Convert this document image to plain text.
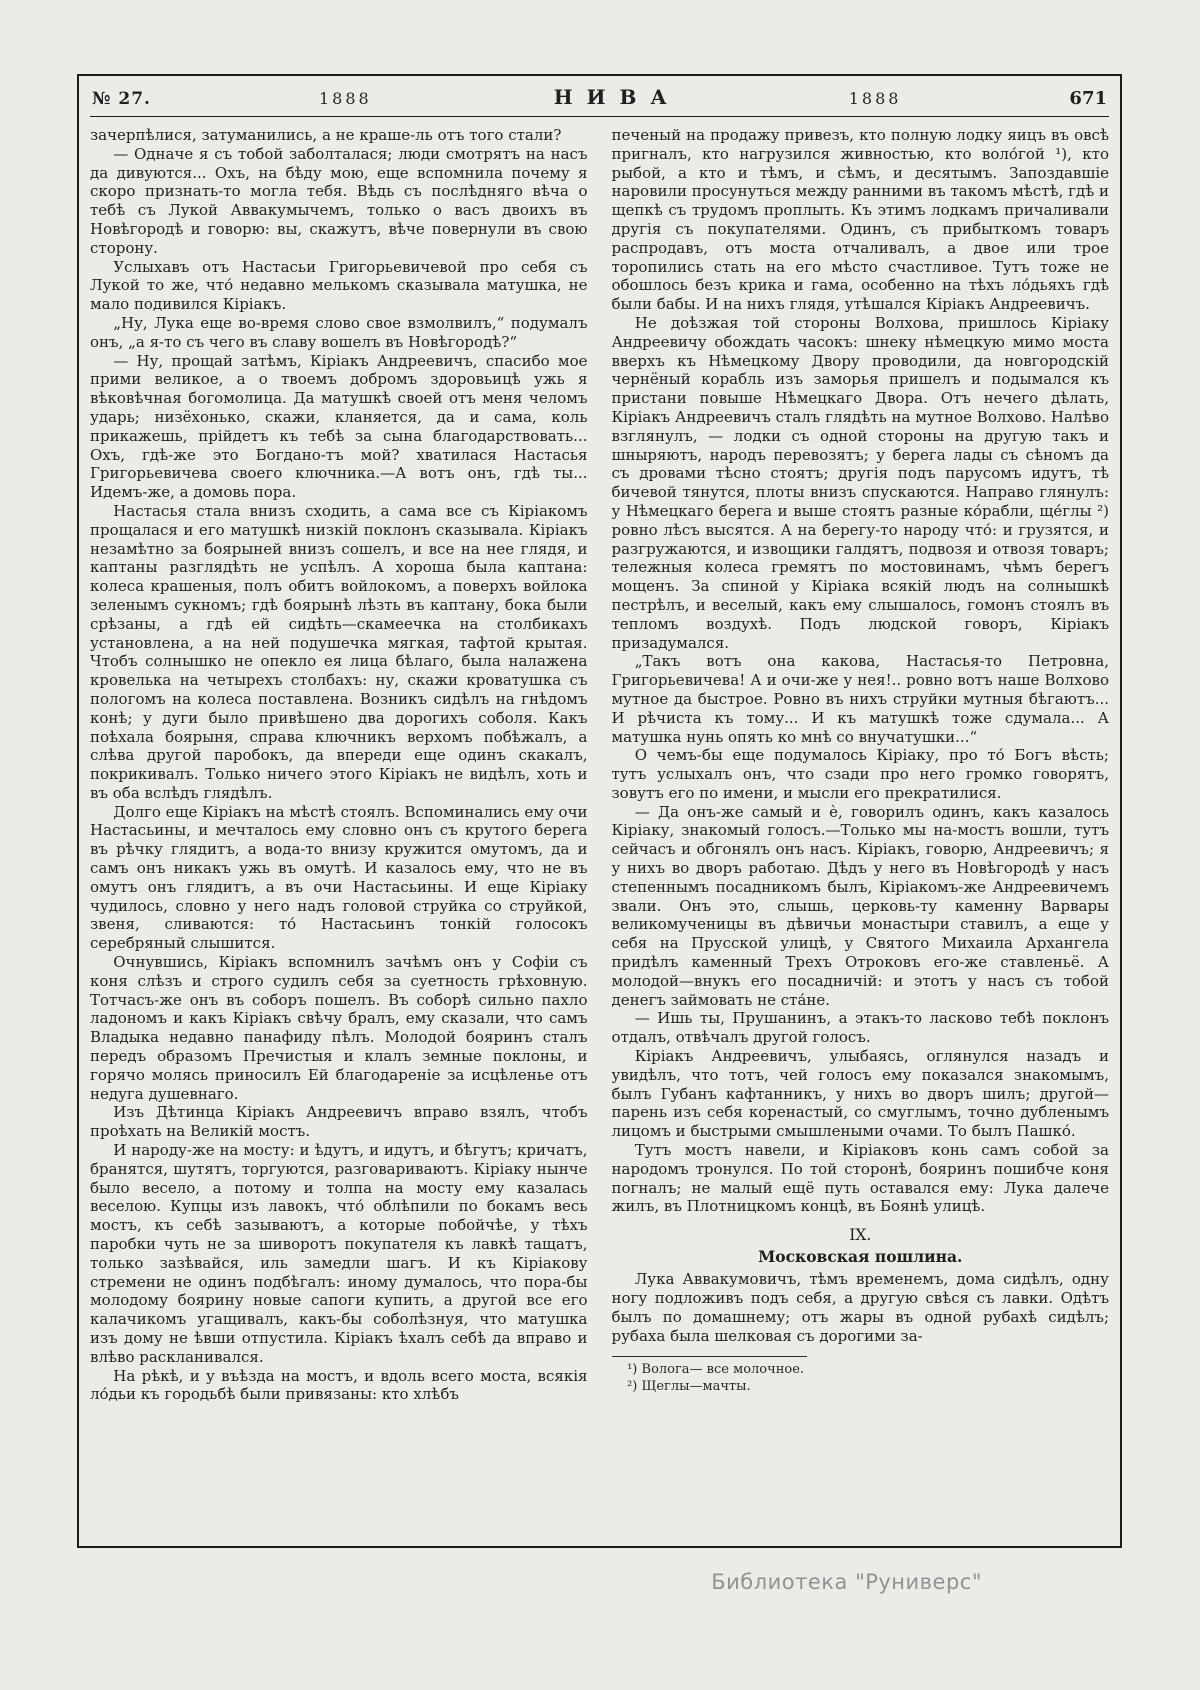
№ 27.	1888	НИВА	1888	671

зачерпѣлися, затуманились, а не краше-ль отъ того стали?

— Одначе я съ тобой заболталася; люди смотрятъ на насъ да дивуются... Охъ, на бѣду мою, еще вспомнила почему я скоро признать-то могла тебя. Вѣдь съ послѣдняго вѣча о тебѣ съ Лукой Аввакумычемъ, только о васъ двоихъ въ Новѣгородѣ и говорю: вы, скажутъ, вѣче повернули въ свою сторону.

Услыхавъ отъ Настасьи Григорьевичевой про себя съ Лукой то же, что́ недавно мелькомъ сказывала матушка, не мало подивился Кіріакъ.

„Ну, Лука еще во-время слово свое взмолвилъ,“ подумалъ онъ, „а я-то съ чего въ славу вошелъ въ Новѣгородѣ?“

— Ну, прощай затѣмъ, Кіріакъ Андреевичъ, спасибо мое прими великое, а о твоемъ добромъ здоровьицѣ ужь я вѣковѣчная богомолица. Да матушкѣ своей отъ меня челомъ ударь; низёхонько, скажи, кланяется, да и сама, коль прикажешь, прійдетъ къ тебѣ за сына благодарствовать... Охъ, гдѣ-же это Богдано-тъ мой? хватилася Настасья Григорьевичева своего ключника.—А вотъ онъ, гдѣ ты... Идемъ-же, а домовь пора.

Настасья стала внизъ сходить, а сама все съ Кіріакомъ прощалася и его матушкѣ низкій поклонъ сказывала. Кіріакъ незамѣтно за боярыней внизъ сошелъ, и все на нее глядя, и каптаны разглядѣть не успѣлъ. А хороша была каптана: колеса крашеныя, полъ обитъ войлокомъ, а поверхъ войлока зеленымъ сукномъ; гдѣ боярынѣ лѣзть въ каптану, бока были срѣзаны, а гдѣ ей сидѣть—скамеечка на столбикахъ установлена, а на ней подушечка мягкая, тафтой крытая. Чтобъ солнышко не опекло ея лица бѣлаго, была налажена кровелька на четырехъ столбахъ: ну, скажи кроватушка съ пологомъ на колеса поставлена. Возникъ сидѣлъ на гнѣдомъ конѣ; у дуги было привѣшено два дорогихъ соболя. Какъ поѣхала боярыня, справа ключникъ верхомъ побѣжалъ, а слѣва другой паробокъ, да впереди еще одинъ скакалъ, покрикивалъ. Только ничего этого Кіріакъ не видѣлъ, хоть и въ оба вслѣдъ глядѣлъ.

Долго еще Кіріакъ на мѣстѣ стоялъ. Вспоминались ему очи Настасьины, и мечталось ему словно онъ съ крутого берега въ рѣчку глядитъ, а вода-то внизу кружится омутомъ, да и самъ онъ никакъ ужь въ омутѣ. И казалось ему, что не въ омутъ онъ глядитъ, а въ очи Настасьины. И еще Кіріаку чудилось, словно у него надъ головой струйка со струйкой, звеня, сливаются: то́ Настасьинъ тонкій голосокъ серебряный слышится.

Очнувшись, Кіріакъ вспомнилъ зачѣмъ онъ у Софіи съ коня слѣзъ и строго судилъ себя за суетность грѣховную. Тотчасъ-же онъ въ соборъ пошелъ. Въ соборѣ сильно пахло ладономъ и какъ Кіріакъ свѣчу бралъ, ему сказали, что самъ Владыка недавно панафиду пѣлъ. Молодой бояринъ сталъ передъ образомъ Пречистыя и клалъ земные поклоны, и горячо молясь приносилъ Ей благодареніе за исцѣленье отъ недуга душевнаго.

Изъ Дѣтинца Кіріакъ Андреевичъ вправо взялъ, чтобъ проѣхать на Великій мостъ.

И народу-же на мосту: и ѣдутъ, и идутъ, и бѣгутъ; кричатъ, бранятся, шутятъ, торгуются, разговариваютъ. Кіріаку нынче было весело, а потому и толпа на мосту ему казалась веселою. Купцы изъ лавокъ, что́ облѣпили по бокамъ весь мостъ, къ себѣ зазываютъ, а которые побойчѣе, у тѣхъ паробки чуть не за шиворотъ покупателя къ лавкѣ тащатъ, только зазѣвайся, иль замедли шагъ. И къ Кіріакову стремени не одинъ подбѣгалъ: иному думалось, что пора-бы молодому боярину новые сапоги купить, а другой все его калачикомъ угащивалъ, какъ-бы соболѣзнуя, что матушка изъ дому не ѣвши отпустила. Кіріакъ ѣхалъ себѣ да вправо и влѣво раскланивался.

На рѣкѣ, и у въѣзда на мостъ, и вдоль всего моста, всякія ло́дьи къ городьбѣ были привязаны: кто хлѣбъ

печеный на продажу привезъ, кто полную лодку яицъ въ овсѣ пригналъ, кто нагрузился живностью, кто воло́гой ¹), кто рыбой, а кто и тѣмъ, и сѣмъ, и десятымъ. Запоздавшіе наровили просунуться между ранними въ такомъ мѣстѣ, гдѣ и щепкѣ съ трудомъ проплыть. Къ этимъ лодкамъ причаливали другія съ покупателями. Одинъ, съ прибыткомъ товаръ распродавъ, отъ моста отчаливалъ, а двое или трое торопились стать на его мѣсто счастливое. Тутъ тоже не обошлось безъ крика и гама, особенно на тѣхъ ло́дьяхъ гдѣ были бабы. И на нихъ глядя, утѣшался Кіріакъ Андреевичъ.

Не доѣзжая той стороны Волхова, пришлось Кіріаку Андреевичу обождать часокъ: шнеку нѣмецкую мимо моста вверхъ къ Нѣмецкому Двору проводили, да новгородскій чернёный корабль изъ заморья пришелъ и подымался къ пристани повыше Нѣмецкаго Двора. Отъ нечего дѣлать, Кіріакъ Андреевичъ сталъ глядѣть на мутное Волхово. Налѣво взглянулъ, — лодки съ одной стороны на другую такъ и шныряютъ, народъ перевозятъ; у берега лады съ сѣномъ да съ дровами тѣсно стоятъ; другія подъ парусомъ идутъ, тѣ бичевой тянутся, плоты внизъ спускаются. Направо глянулъ: у Нѣмецкаго берега и выше стоятъ разные ко́рабли, ще́глы ²) ровно лѣсъ высятся. А на берегу-то народу что́: и грузятся, и разгружаются, и извощики галдятъ, подвозя и отвозя товаръ; тележныя колеса гремятъ по мостовинамъ, чѣмъ берегъ мощенъ. За спиной у Кіріака всякій людъ на солнышкѣ пестрѣлъ, и веселый, какъ ему слышалось, гомонъ стоялъ въ тепломъ воздухѣ. Подъ людской говоръ, Кіріакъ призадумался.

„Такъ вотъ она какова, Настасья-то Петровна, Григорьевичева! А и очи-же у нея!.. ровно вотъ наше Волхово мутное да быстрое. Ровно въ нихъ струйки мутныя бѣгаютъ... И рѣчиста къ тому... И къ матушкѣ тоже сдумала... А матушка нунь опять ко мнѣ со внучатушки...“

О чемъ-бы еще подумалось Кіріаку, про то́ Богъ вѣсть; тутъ услыхалъ онъ, что сзади про него громко говорятъ, зовутъ его по имени, и мысли его прекратилися.

— Да онъ-же самый и ѐ, говорилъ одинъ, какъ казалось Кіріаку, знакомый голосъ.—Только мы на-мостъ вошли, тутъ сейчасъ и обгонялъ онъ насъ. Кіріакъ, говорю, Андреевичъ; я у нихъ во дворъ работаю. Дѣдъ у него въ Новѣгородѣ у насъ степеннымъ посадникомъ былъ, Кіріакомъ-же Андреевичемъ звали. Онъ это, слышь, церковь-ту каменну Варвары великомученицы въ дѣвичьи монастыри ставилъ, а еще у себя на Прусской улицѣ, у Святого Михаила Архангела придѣлъ каменный Трехъ Отроковъ его-же ставленьё. А молодой—внукъ его посадничій: и этотъ у насъ съ тобой денегъ займовать не ста́не.

— Ишь ты, Прушанинъ, а этакъ-то ласково тебѣ поклонъ отдалъ, отвѣчалъ другой голосъ.

Кіріакъ Андреевичъ, улыбаясь, оглянулся назадъ и увидѣлъ, что тотъ, чей голосъ ему показался знакомымъ, былъ Губанъ кафтанникъ, у нихъ во дворъ шилъ; другой—парень изъ себя коренастый, со смуглымъ, точно дубленымъ лицомъ и быстрыми смышлеными очами. То былъ Пашко́.

Тутъ мостъ навели, и Кіріаковъ конь самъ собой за народомъ тронулся. По той сторонѣ, бояринъ пошибче коня погналъ; не малый ещё путь оставался ему: Лука далече жилъ, въ Плотницкомъ концѣ, въ Боянѣ улицѣ.

IX.
Московская пошлина.

Лука Аввакумовичъ, тѣмъ временемъ, дома сидѣлъ, одну ногу подложивъ подъ себя, а другую свѣся съ лавки. Одѣтъ былъ по домашнему; отъ жары въ одной рубахѣ сидѣлъ; рубаха была шелковая съ дорогими за-

¹) Волога— все молочное.

²) Щеглы—мачты.

Библиотека "Руниверс"
